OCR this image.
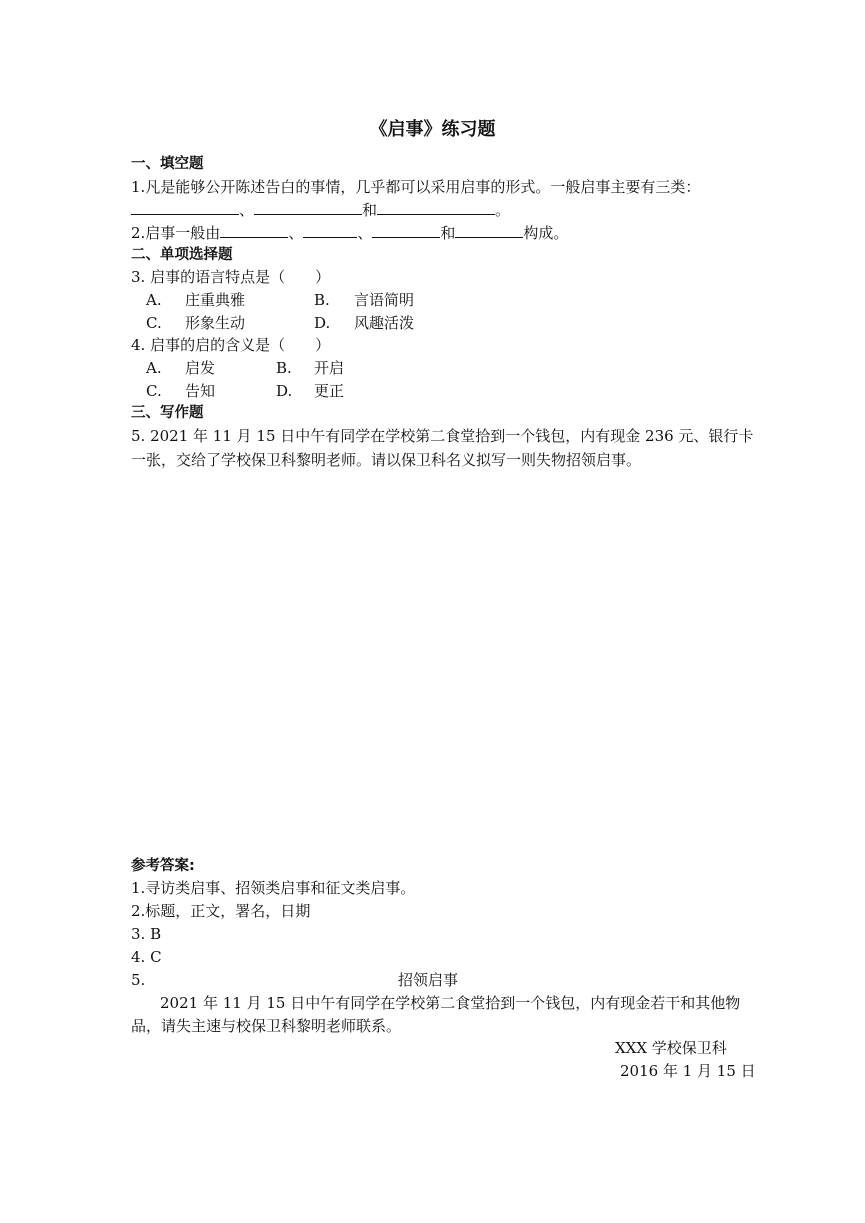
《启事》练习题
一、填空题
1.凡是能够公开陈述告白的事情，几乎都可以采用启事的形式。一般启事主要有三类：
、	和	。
2.启事一般由	、	、	和	构成。
二、单项选择题
3. 启事的语言特点是（　　）
A. 庄重典雅	B. 言语简明
C. 形象生动	D. 风趣活泼
4. 启事的启的含义是（　　）
A. 启发	B. 开启
C. 告知	D. 更正
三、写作题
5. 2021 年 11 月 15 日中午有同学在学校第二食堂拾到一个钱包，内有现金 236 元、银行卡
一张，交给了学校保卫科黎明老师。请以保卫科名义拟写一则失物招领启事。
参考答案:
1.寻访类启事、招领类启事和征文类启事。
2.标题，正文，署名，日期
3. B
4. C
5.	招领启事
2021 年 11 月 15 日中午有同学在学校第二食堂拾到一个钱包，内有现金若干和其他物
品，请失主速与校保卫科黎明老师联系。
XXX 学校保卫科
2016 年 1 月 15 日
